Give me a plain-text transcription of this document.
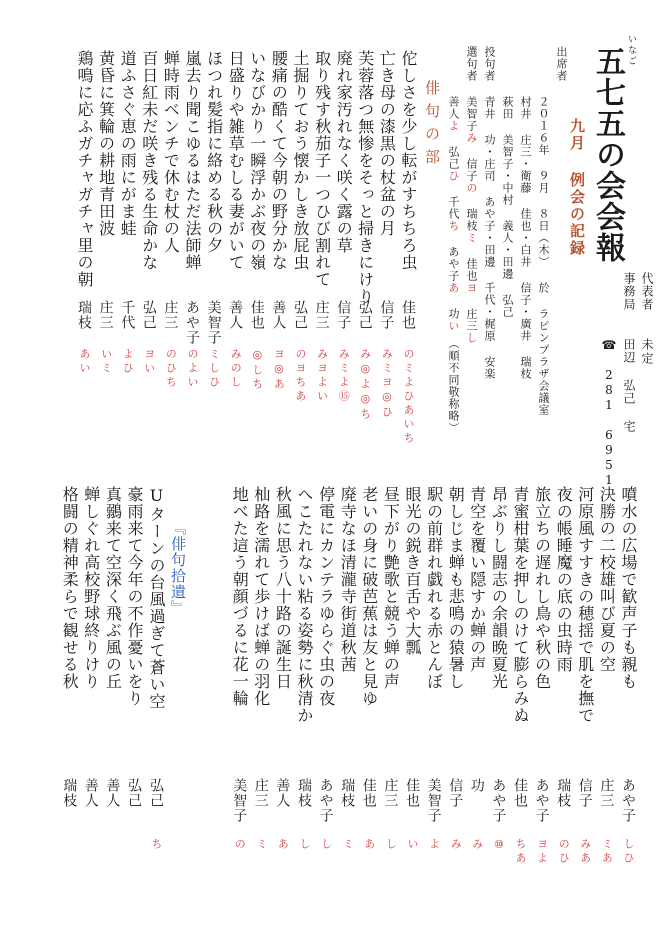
いなご
五七五の会会報
代表者
未定
事務局
田辺 弘己 宅
☎ 281 6951
九月 例会の記録
出席者
２０１６年 ９月 ８日（木） 於 ラピンプラザ会議室
村井 庄三・衛藤 佳也・白井 信子・廣井 瑞枝
萩田 美智子・中村 義人・田邊 弘己
投句者
青井 功・庄司 あや子・田邊 千代・梶原 安楽
選句者
美智子み 信子の 瑞枝ミ 佳也ヨ 庄三し
善人よ 弘己ひ 千代ち あや子あ 功い
（順不同敬称略）
俳句の部
佗しさを少し転がすちちろ虫
佳也
のミよひあいち
亡き母の漆黒の杖盆の月
信子
みミヨ◎ひ
芙蓉落つ無惨をそっと掃きにけり
弘己
み◎よ◎ち
廃れ家汚れなく咲く露の草
信子
みミよ⑮
取り残す秋茄子一つひび割れて
庄三
みヨよい
土掘りておう懐かしき放屁虫
弘己
のヨちあ
腰痛の酷くて今朝の野分かな
善人
ヨ◎あ
いなびかり一瞬浮かぶ夜の嶺
佳也
◎しち
日盛りや雑草むしる妻がいて
善人
みのし
ほつれ髪指に絡める秋の夕
美智子
ミしひ
嵐去り聞こゆるはただ法師蝉
あや子
のよい
蝉時雨ベンチで休む杖の人
庄三
のひち
百日紅未だ咲き残る生命かな
弘己
ヨい
道ふさぐ恵の雨にがま蛙
千代
よひ
黄昏に箕輪の耕地青田波
庄三
いミ
鶏鳴に応ふガチャガチャ里の朝
瑞枝
あい
噴水の広場で歓声子も親も
あや子
しひ
決勝の二校雄叫び夏の空
庄三
ミあ
河原風すすきの穂揺で肌を撫で
信子
みあ
夜の帳睡魔の底の虫時雨
瑞枝
のひ
旅立ちの遅れし鳥や秋の色
あや子
ヨよ
青蜜柑葉を押しのけて膨らみぬ
佳也
ちあ
昂ぶりし闘志の余韻晩夏光
あや子
⑩
青空を覆い隠すか蝉の声
功
み
朝しじま蝉も悲鳴の猿暑し
信子
み
駅の前群れ戯れる赤とんぼ
美智子
よ
眼光の鋭き百舌や大瓢
佳也
い
昼下がり艶歌と競う蝉の声
庄三
し
老いの身に破芭蕉は友と見ゆ
佳也
あ
廃寺なほ清瀧寺街道秋茜
瑞枝
ミ
停電にカンテラゆらぐ虫の夜
あや子
し
へこたれない粘る姿勢に秋清か
瑞枝
し
秋風に思う八十路の誕生日
善人
あ
杣路を濡れて歩けば蝉の羽化
庄三
ミ
地べた這う朝顔づるに花一輪
美智子
の
Uターンの台風過ぎて蒼い空
弘己
ち
『俳句拾遺』
豪雨来て今年の不作憂いをり
弘己
真鶸来て空深く飛ぶ風の丘
善人
蝉しぐれ高校野球終りけり
善人
格闘の精神柔らで観せる秋
瑞枝
